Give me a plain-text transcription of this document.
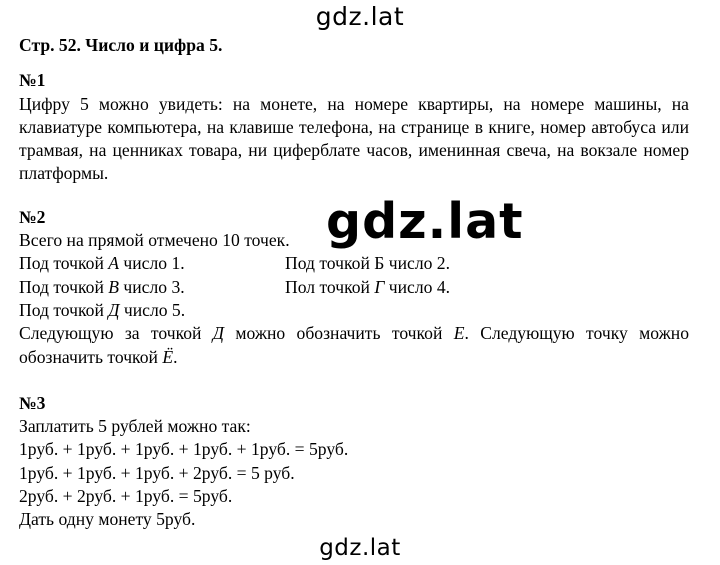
gdz.lat

Стр. 52. Число и цифра 5.

№1

Цифру 5 можно увидеть: на монете, на номере квартиры, на номере машины, на клавиатуре компьютера, на клавише телефона, на странице в книге, номер автобуса или трамвая, на ценниках товара, ни циферблате часов, именинная свеча, на вокзале номер платформы.

№2

Всего на прямой отмечено 10 точек.

Под точкой А число 1.	Под точкой Б число 2.
Под точкой В число 3.	Пол точкой Г число 4.
Под точкой Д число 5.

Следующую за точкой Д можно обозначить точкой Е. Следующую точку можно обозначить точкой Ё.

№3

Заплатить 5 рублей можно так:

1руб. + 1руб. + 1руб. + 1руб. + 1руб. = 5руб.

1руб. + 1руб. + 1руб. + 2руб. = 5 руб.

2руб. + 2руб. + 1руб. = 5руб.

Дать одну монету 5руб.

gdz.lat
gdz.lat
